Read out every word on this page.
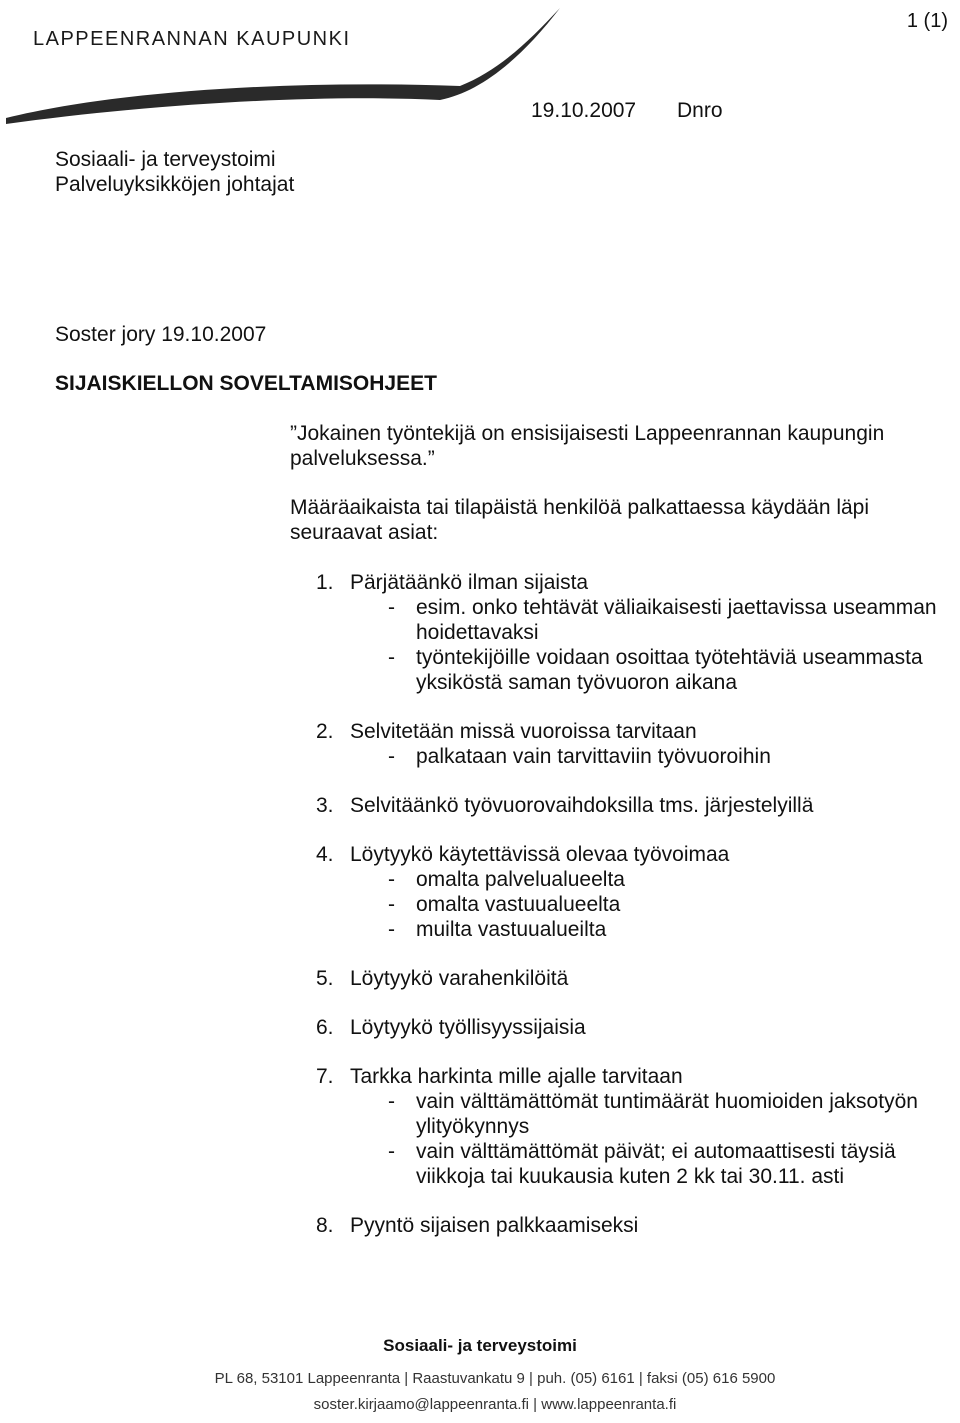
LAPPEENRANNAN KAUPUNKI
1 (1)
19.10.2007 Dnro
Sosiaali- ja terveystoimi
Palveluyksikköjen johtajat
Soster jory 19.10.2007
SIJAISKIELLON SOVELTAMISOHJEET
”Jokainen työntekijä on ensisijaisesti Lappeenrannan kaupungin palveluksessa.”
Määräaikaista tai tilapäistä henkilöä palkattaessa käydään läpi seuraavat asiat:
1. Pärjätäänkö ilman sijaista
- esim. onko tehtävät väliaikaisesti jaettavissa useamman hoidettavaksi
- työntekijöille voidaan osoittaa työtehtäviä useammasta yksiköstä saman työvuoron aikana
2. Selvitetään missä vuoroissa tarvitaan
- palkataan vain tarvittaviin työvuoroihin
3. Selvitäänkö työvuorovaihdoksilla tms. järjestelyillä
4. Löytyykö käytettävissä olevaa työvoimaa
- omalta palvelualueelta
- omalta vastuualueelta
- muilta vastuualueilta
5. Löytyykö varahenkilöitä
6. Löytyykö työllisyyssijaisia
7. Tarkka harkinta mille ajalle tarvitaan
- vain välttämättömät tuntimäärät huomioiden jaksotyön ylityökynnys
- vain välttämättömät päivät; ei automaattisesti täysiä viikkoja tai kuukausia kuten 2 kk tai 30.11. asti
8. Pyyntö sijaisen palkkaamiseksi
Sosiaali- ja terveystoimi
PL 68, 53101 Lappeenranta | Raastuvankatu 9 | puh. (05) 6161 | faksi (05) 616 5900
soster.kirjaamo@lappeenranta.fi | www.lappeenranta.fi
